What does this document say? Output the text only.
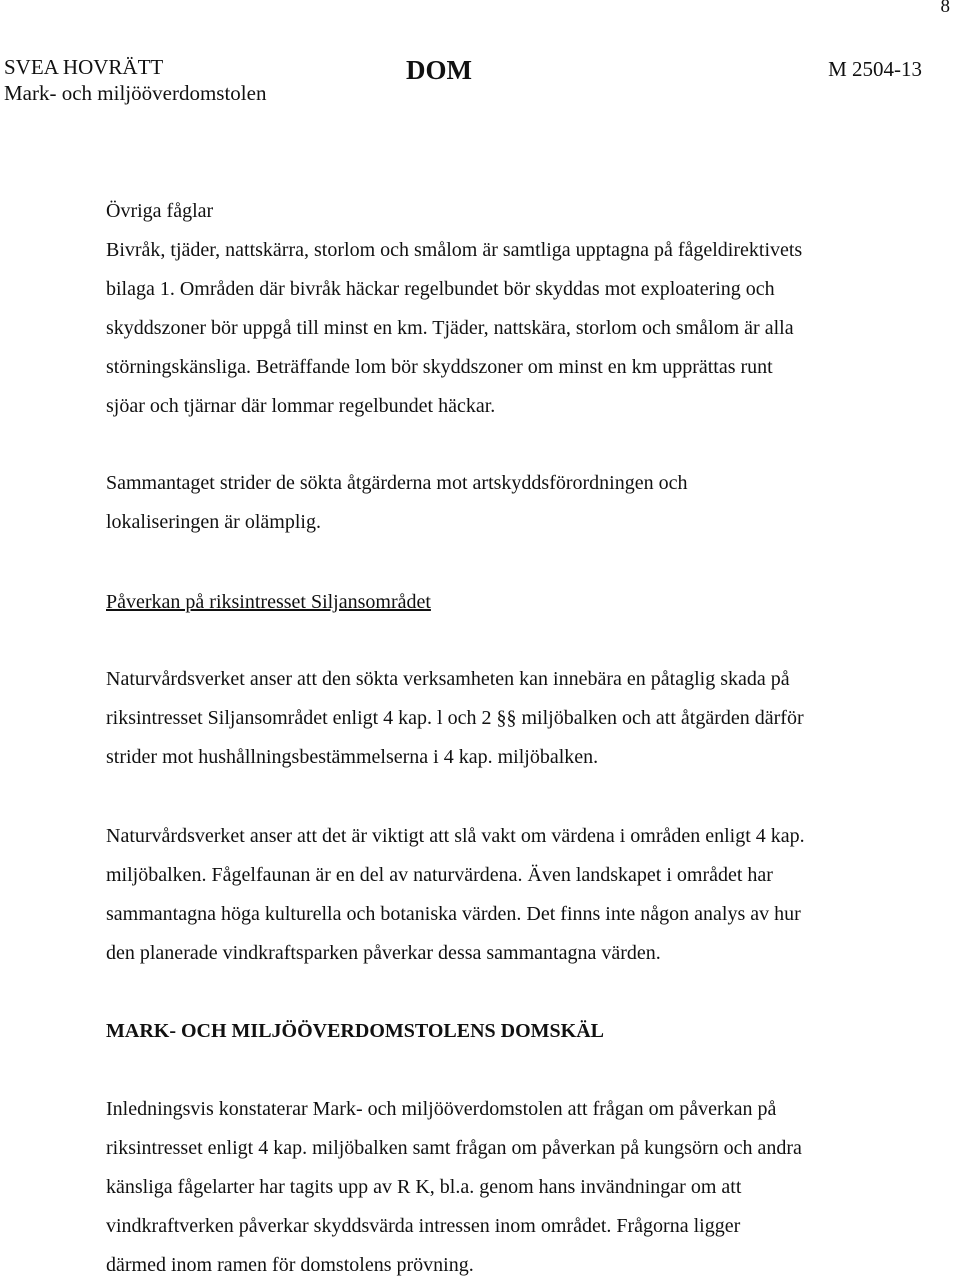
8
SVEA HOVRÄTT
Mark- och miljööverdomstolen
DOM	M 2504-13

Övriga fåglar
Bivråk, tjäder, nattskärra, storlom och smålom är samtliga upptagna på fågeldirektivets
bilaga 1. Områden där bivråk häckar regelbundet bör skyddas mot exploatering och
skyddszoner bör uppgå till minst en km. Tjäder, nattskära, storlom och smålom är alla
störningskänsliga. Beträffande lom bör skyddszoner om minst en km upprättas runt
sjöar och tjärnar där lommar regelbundet häckar.

Sammantaget strider de sökta åtgärderna mot artskyddsförordningen och
lokaliseringen är olämplig.

Påverkan på riksintresset Siljansområdet

Naturvårdsverket anser att den sökta verksamheten kan innebära en påtaglig skada på
riksintresset Siljansområdet enligt 4 kap. l och 2 §§ miljöbalken och att åtgärden därför
strider mot hushållningsbestämmelserna i 4 kap. miljöbalken.

Naturvårdsverket anser att det är viktigt att slå vakt om värdena i områden enligt 4 kap.
miljöbalken. Fågelfaunan är en del av naturvärdena. Även landskapet i området har
sammantagna höga kulturella och botaniska värden. Det finns inte någon analys av hur
den planerade vindkraftsparken påverkar dessa sammantagna värden.

MARK- OCH MILJÖÖVERDOMSTOLENS DOMSKÄL

Inledningsvis konstaterar Mark- och miljööverdomstolen att frågan om påverkan på
riksintresset enligt 4 kap. miljöbalken samt frågan om påverkan på kungsörn och andra
känsliga fågelarter har tagits upp av R K, bl.a. genom hans invändningar om att
vindkraftverken påverkar skyddsvärda intressen inom området. Frågorna ligger
därmed inom ramen för domstolens prövning.
